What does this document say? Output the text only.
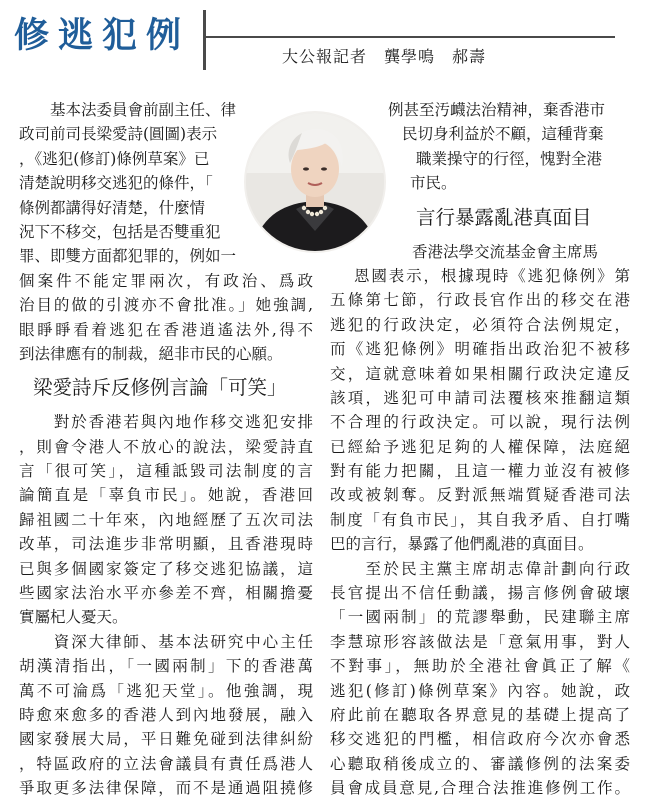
修逃犯例
大公報記者　龔學鳴　郝壽
　　基本法委員會前副主任、律
政司前司長梁愛詩(圓圖)表示
，《逃犯(修訂)條例草案》已
清楚說明移交逃犯的條件，「
條例都講得好清楚，什麼情
況下不移交，包括是否雙重犯
罪、即雙方面都犯罪的，例如一
個案件不能定罪兩次，有政治、爲政
治目的做的引渡亦不會批准。」她強調,
眼睜睜看着逃犯在香港逍遙法外,得不
到法律應有的制裁，絕非市民的心願。
梁愛詩斥反修例言論「可笑」
　　對於香港若與內地作移交逃犯安排
，則會令港人不放心的說法，梁愛詩直
言「很可笑」，這種詆毀司法制度的言
論簡直是「辜負市民」。她說，香港回
歸祖國二十年來，內地經歷了五次司法
改革，司法進步非常明顯，且香港現時
已與多個國家簽定了移交逃犯協議，這
些國家法治水平亦參差不齊，相關擔憂
實屬杞人憂天。
　　資深大律師、基本法研究中心主任
胡漢清指出，「一國兩制」下的香港萬
萬不可淪爲「逃犯天堂」。他強調，現
時愈來愈多的香港人到內地發展，融入
國家發展大局，平日難免碰到法律糾紛
，特區政府的立法會議員有責任爲港人
爭取更多法律保障，而不是通過阻撓修
例甚至汚衊法治精神，棄香港市
民切身利益於不顧，這種背棄
職業操守的行徑，愧對全港
市民。
言行暴露亂港真面目
香港法學交流基金會主席馬
恩國表示，根據現時《逃犯條例》第
五條第七節，行政長官作出的移交在港
逃犯的行政決定，必須符合法例規定，
而《逃犯條例》明確指出政治犯不被移
交，這就意味着如果相關行政決定違反
該項，逃犯可申請司法覆核來推翻這類
不合理的行政決定。可以說，現行法例
已經給予逃犯足夠的人權保障，法庭絕
對有能力把關，且這一權力並沒有被修
改或被剝奪。反對派無端質疑香港司法
制度「有負市民」，其自我矛盾、自打嘴
巴的言行，暴露了他們亂港的真面目。
　　至於民主黨主席胡志偉計劃向行政
長官提出不信任動議，揚言修例會破壞
「一國兩制」的荒謬舉動，民建聯主席
李慧琼形容該做法是「意氣用事，對人
不對事」，無助於全港社會眞正了解《
逃犯(修訂)條例草案》內容。她說，政
府此前在聽取各界意見的基礎上提高了
移交逃犯的門檻，相信政府今次亦會悉
心聽取稍後成立的、審議修例的法案委
員會成員意見,合理合法推進修例工作。
